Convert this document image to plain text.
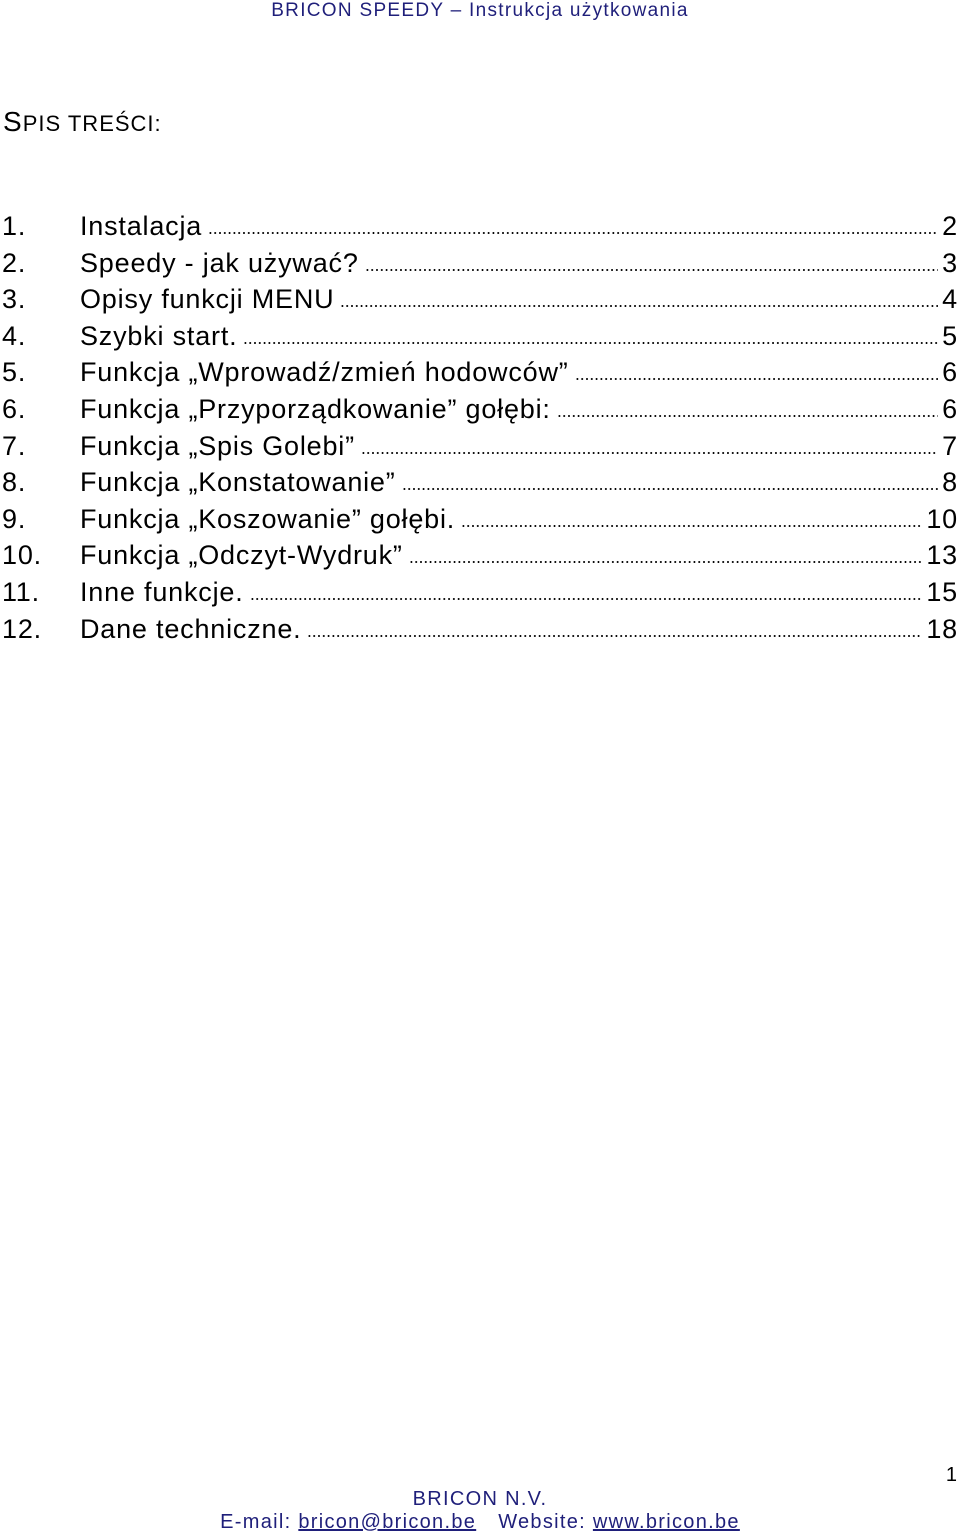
BRICON SPEEDY – Instrukcja użytkowania
SPIS TREŚCI:
1.	Instalacja	2
2.	Speedy - jak używać?	3
3.	Opisy funkcji MENU	4
4.	Szybki start.	5
5.	Funkcja „Wprowadź/zmień hodowców”	6
6.	Funkcja „Przyporządkowanie” gołębi:	6
7.	Funkcja „Spis Golebi”	7
8.	Funkcja „Konstatowanie”	8
9.	Funkcja „Koszowanie” gołębi.	10
10.	Funkcja „Odczyt-Wydruk”	13
11.	Inne funkcje.	15
12.	Dane techniczne.	18
1
BRICON N.V.
E-mail: bricon@bricon.be Website: www.bricon.be
